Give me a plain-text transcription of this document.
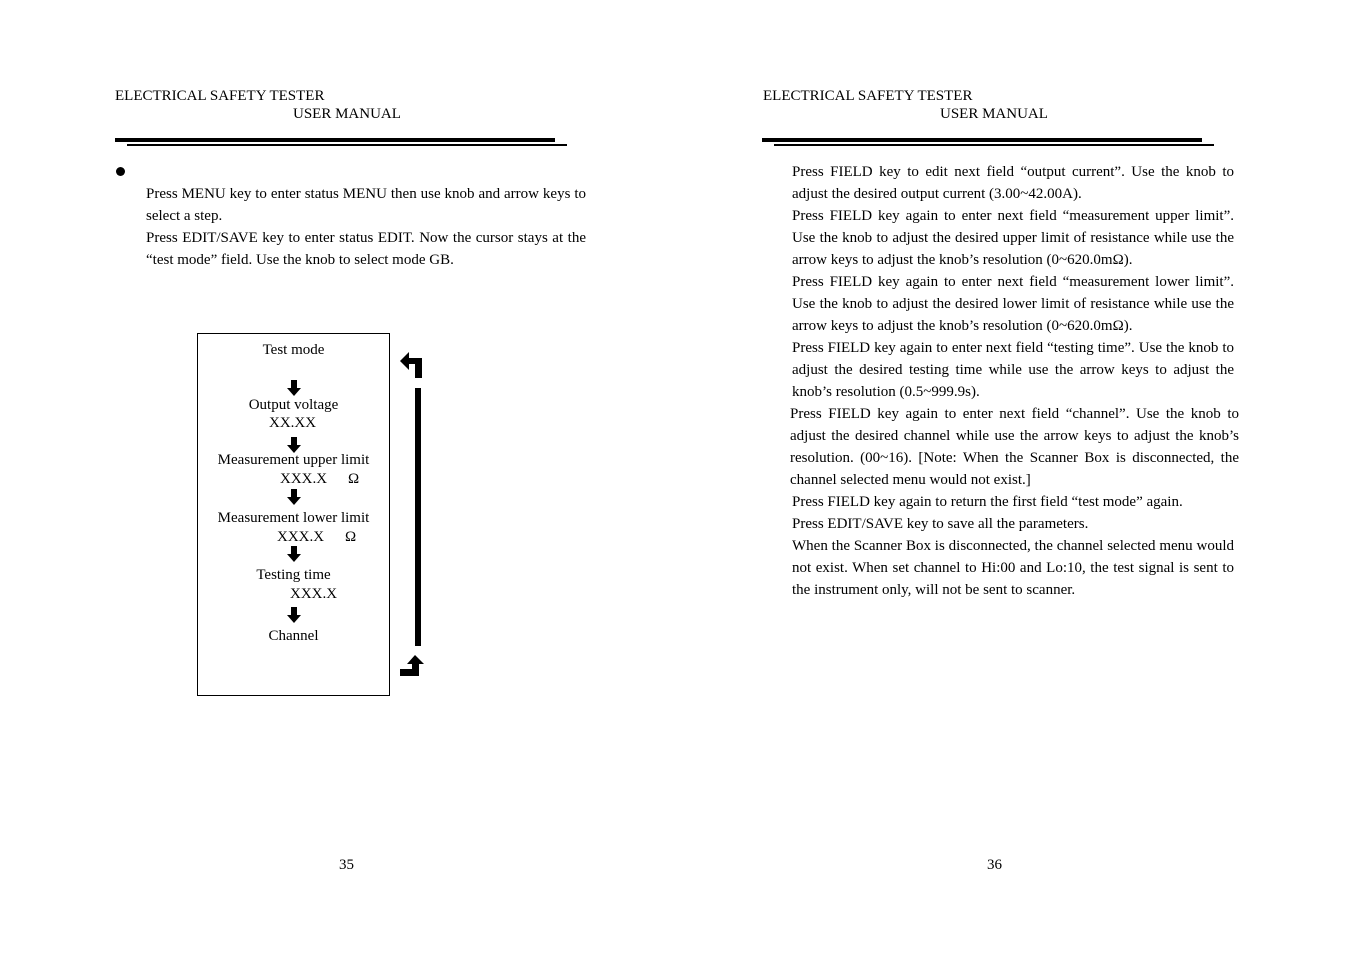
ELECTRICAL SAFETY TESTER
USER MANUAL

Press MENU key to enter status MENU then use knob and arrow keys to select a step.

Press EDIT/SAVE key to enter status EDIT. Now the cursor stays at the “test mode” field. Use the knob to select mode GB.

Test mode
Output voltage
XX.XX
Measurement upper limit
XXX.X Ω
Measurement lower limit
XXX.X Ω
Testing time
XXX.X
Channel
35
ELECTRICAL SAFETY TESTER
USER MANUAL

Press FIELD key to edit next field “output current”. Use the knob to adjust the desired output current (3.00~42.00A).

Press FIELD key again to enter next field “measurement upper limit”. Use the knob to adjust the desired upper limit of resistance while use the arrow keys to adjust the knob’s resolution (0~620.0mΩ).

Press FIELD key again to enter next field “measurement lower limit”. Use the knob to adjust the desired lower limit of resistance while use the arrow keys to adjust the knob’s resolution (0~620.0mΩ).

Press FIELD key again to enter next field “testing time”. Use the knob to adjust the desired testing time while use the arrow keys to adjust the knob’s resolution (0.5~999.9s).

Press FIELD key again to enter next field “channel”. Use the knob to adjust the desired channel while use the arrow keys to adjust the knob’s resolution. (00~16). [Note: When the Scanner Box is disconnected, the channel selected menu would not exist.]

Press FIELD key again to return the first field “test mode” again.

Press EDIT/SAVE key to save all the parameters.

When the Scanner Box is disconnected, the channel selected menu would not exist. When set channel to Hi:00 and Lo:10, the test signal is sent to the instrument only, will not be sent to scanner.

36
